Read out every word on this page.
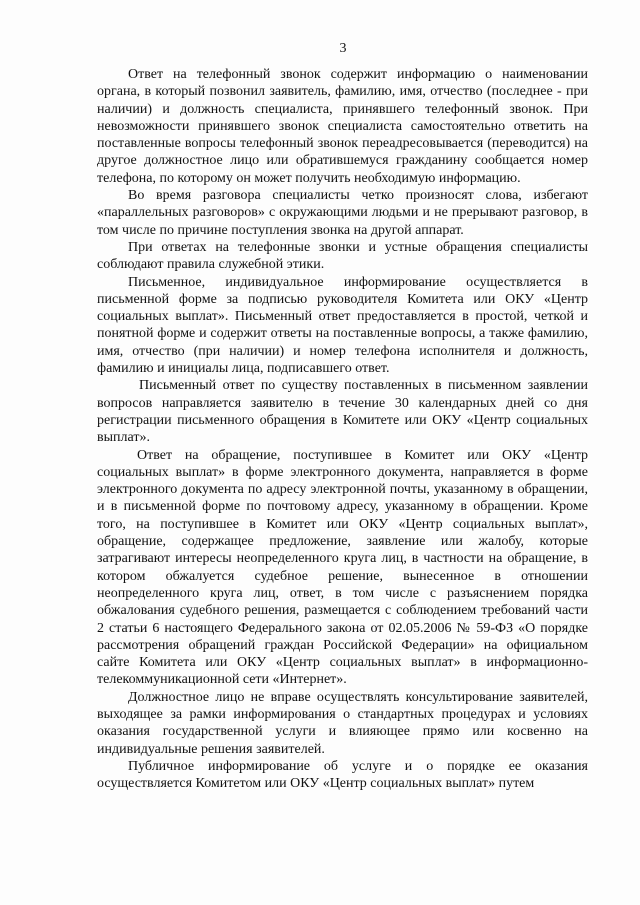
3

Ответ на телефонный звонок содержит информацию о наименовании органа, в который позвонил заявитель, фамилию, имя, отчество (последнее - при наличии) и должность специалиста, принявшего телефонный звонок. При невозможности принявшего звонок специалиста самостоятельно ответить на поставленные вопросы телефонный звонок переадресовывается (переводится) на другое должностное лицо или обратившемуся гражданину сообщается номер телефона, по которому он может получить необходимую информацию.

Во время разговора специалисты четко произносят слова, избегают «параллельных разговоров» с окружающими людьми и не прерывают разговор, в том числе по причине поступления звонка на другой аппарат.

При ответах на телефонные звонки и устные обращения специалисты соблюдают правила служебной этики.

Письменное, индивидуальное информирование осуществляется в письменной форме за подписью руководителя Комитета или ОКУ «Центр социальных выплат». Письменный ответ предоставляется в простой, четкой и понятной форме и содержит ответы на поставленные вопросы, а также фамилию, имя, отчество (при наличии) и номер телефона исполнителя и должность, фамилию и инициалы лица, подписавшего ответ.

Письменный ответ по существу поставленных в письменном заявлении вопросов направляется заявителю в течение 30 календарных дней со дня регистрации письменного обращения в Комитете или ОКУ «Центр социальных выплат».

Ответ на обращение, поступившее в Комитет или ОКУ «Центр социальных выплат» в форме электронного документа, направляется в форме электронного документа по адресу электронной почты, указанному в обращении, и в письменной форме по почтовому адресу, указанному в обращении. Кроме того, на поступившее в Комитет или ОКУ «Центр социальных выплат», обращение, содержащее предложение, заявление или жалобу, которые затрагивают интересы неопределенного круга лиц, в частности на обращение, в котором обжалуется судебное решение, вынесенное в отношении неопределенного круга лиц, ответ, в том числе с разъяснением порядка обжалования судебного решения, размещается с соблюдением требований части 2 статьи 6 настоящего Федерального закона от 02.05.2006 № 59-ФЗ «О порядке рассмотрения обращений граждан Российской Федерации» на официальном сайте Комитета или ОКУ «Центр социальных выплат» в информационно-телекоммуникационной сети «Интернет».

Должностное лицо не вправе осуществлять консультирование заявителей, выходящее за рамки информирования о стандартных процедурах и условиях оказания государственной услуги и влияющее прямо или косвенно на индивидуальные решения заявителей.

Публичное информирование об услуге и о порядке ее оказания осуществляется Комитетом или ОКУ «Центр социальных выплат» путем
